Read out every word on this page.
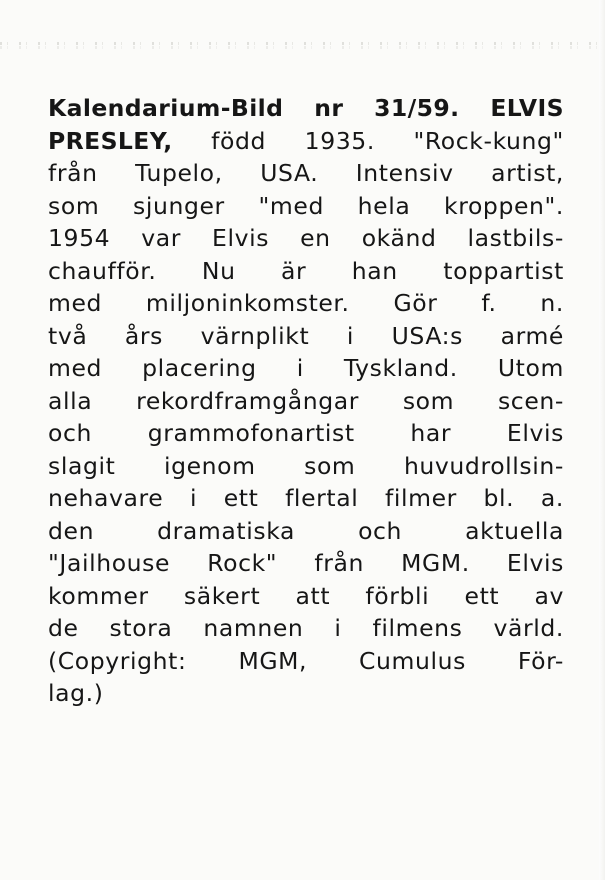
Kalendarium-Bild nr 31/59. ELVIS
PRESLEY, född 1935. "Rock-kung"
från Tupelo, USA. Intensiv artist,
som sjunger "med hela kroppen".
1954 var Elvis en okänd lastbils-
chaufför. Nu är han toppartist
med miljoninkomster. Gör f. n.
två års värnplikt i USA:s armé
med placering i Tyskland. Utom
alla rekordframgångar som scen-
och grammofonartist har Elvis
slagit igenom som huvudrollsin-
nehavare i ett flertal filmer bl. a.
den	dramatiska	och	aktuella
"Jailhouse Rock" från MGM. Elvis
kommer säkert att förbli ett av
de stora namnen i filmens värld.
(Copyright: MGM, Cumulus För-
lag.)
